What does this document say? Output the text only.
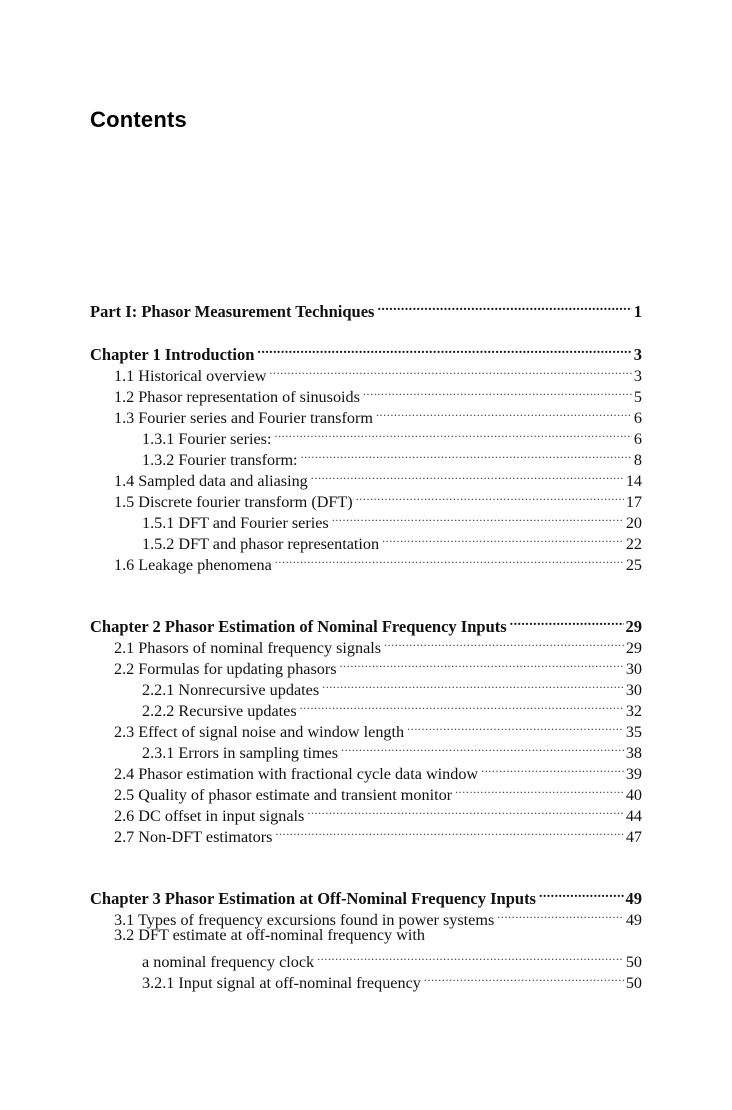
Contents
Part I: Phasor Measurement Techniques .....	1
Chapter 1 Introduction .....	3
1.1 Historical overview .....	3
1.2 Phasor representation of sinusoids .....	5
1.3 Fourier series and Fourier transform .....	6
1.3.1 Fourier series: .....	6
1.3.2 Fourier transform: .....	8
1.4 Sampled data and aliasing .....	14
1.5 Discrete fourier transform (DFT) .....	17
1.5.1 DFT and Fourier series .....	20
1.5.2 DFT and phasor representation .....	22
1.6 Leakage phenomena .....	25
Chapter 2 Phasor Estimation of Nominal Frequency Inputs .....	29
2.1 Phasors of nominal frequency signals .....	29
2.2 Formulas for updating phasors .....	30
2.2.1 Nonrecursive updates .....	30
2.2.2 Recursive updates .....	32
2.3 Effect of signal noise and window length .....	35
2.3.1 Errors in sampling times .....	38
2.4 Phasor estimation with fractional cycle data window .....	39
2.5 Quality of phasor estimate and transient monitor .....	40
2.6 DC offset in input signals .....	44
2.7 Non-DFT estimators .....	47
Chapter 3 Phasor Estimation at Off-Nominal Frequency Inputs .....	49
3.1 Types of frequency excursions found in power systems .....	49
3.2 DFT estimate at off-nominal frequency with
a nominal frequency clock .....	50
3.2.1 Input signal at off-nominal frequency .....	50
